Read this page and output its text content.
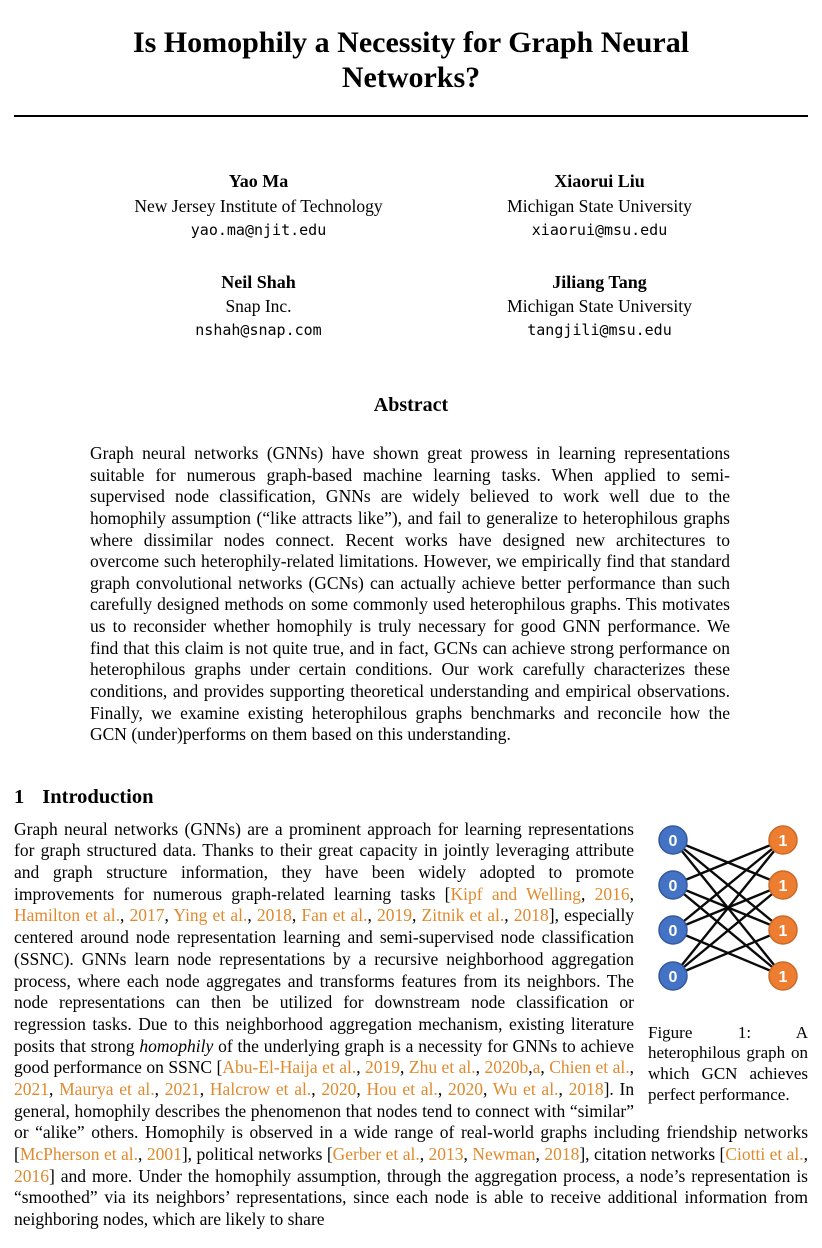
Is Homophily a Necessity for Graph Neural Networks?
Yao Ma
New Jersey Institute of Technology
yao.ma@njit.edu
Xiaorui Liu
Michigan State University
xiaorui@msu.edu
Neil Shah
Snap Inc.
nshah@snap.com
Jiliang Tang
Michigan State University
tangjili@msu.edu
Abstract

Graph neural networks (GNNs) have shown great prowess in learning representations suitable for numerous graph-based machine learning tasks. When applied to semi-supervised node classification, GNNs are widely believed to work well due to the homophily assumption (“like attracts like”), and fail to generalize to heterophilous graphs where dissimilar nodes connect. Recent works have designed new architectures to overcome such heterophily-related limitations. However, we empirically find that standard graph convolutional networks (GCNs) can actually achieve better performance than such carefully designed methods on some commonly used heterophilous graphs. This motivates us to reconsider whether homophily is truly necessary for good GNN performance. We find that this claim is not quite true, and in fact, GCNs can achieve strong performance on heterophilous graphs under certain conditions. Our work carefully characterizes these conditions, and provides supporting theoretical understanding and empirical observations. Finally, we examine existing heterophilous graphs benchmarks and reconcile how the GCN (under)performs on them based on this understanding.

1 Introduction

0
0
0
0
1
1
1
1
Figure 1: A heterophilous graph on which GCN achieves perfect performance.
Graph neural networks (GNNs) are a prominent approach for learning representations for graph structured data. Thanks to their great capacity in jointly leveraging attribute and graph structure information, they have been widely adopted to promote improvements for numerous graph-related learning tasks [Kipf and Welling, 2016, Hamilton et al., 2017, Ying et al., 2018, Fan et al., 2019, Zitnik et al., 2018], especially centered around node representation learning and semi-supervised node classification (SSNC). GNNs learn node representations by a recursive neighborhood aggregation process, where each node aggregates and transforms features from its neighbors. The node representations can then be utilized for downstream node classification or regression tasks. Due to this neighborhood aggregation mechanism, existing literature posits that strong homophily of the underlying graph is a necessity for GNNs to achieve good performance on SSNC [Abu-El-Haija et al., 2019, Zhu et al., 2020b,a, Chien et al., 2021, Maurya et al., 2021, Halcrow et al., 2020, Hou et al., 2020, Wu et al., 2018]. In general, homophily describes the phenomenon that nodes tend to connect with “similar” or “alike” others. Homophily is observed in a wide range of real-world graphs including friendship networks [McPherson et al., 2001], political networks [Gerber et al., 2013, Newman, 2018], citation networks [Ciotti et al., 2016] and more. Under the homophily assumption, through the aggregation process, a node’s representation is “smoothed” via its neighbors’ representations, since each node is able to receive additional information from neighboring nodes, which are likely to share
